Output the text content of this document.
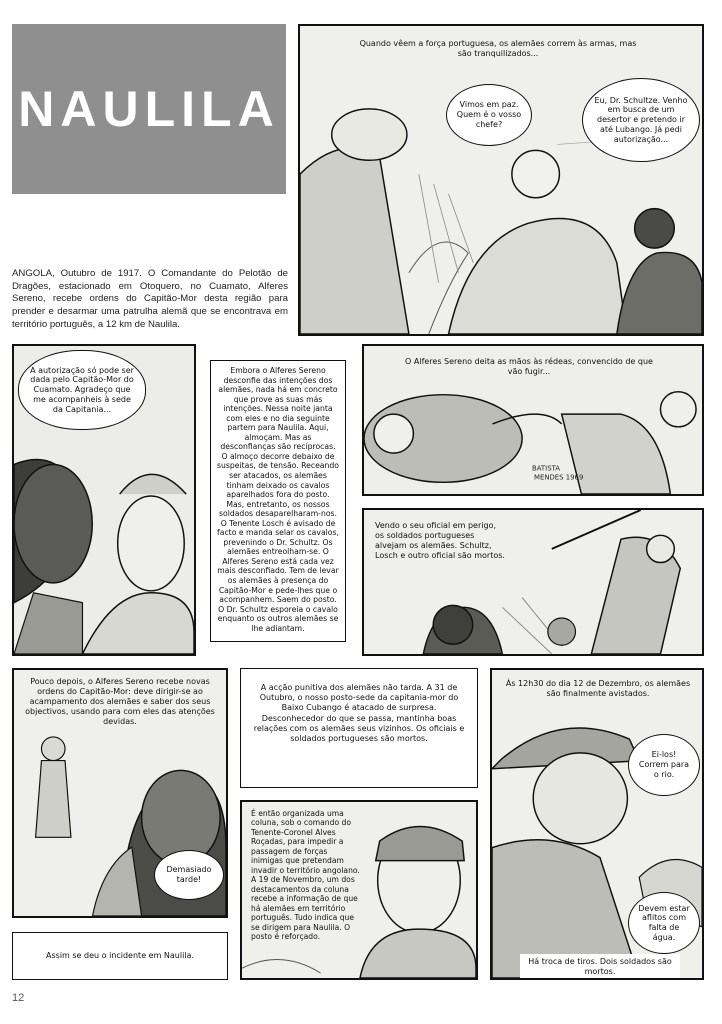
NAULILA
ANGOLA, Outubro de 1917. O Comandante do Pelotão de Dragões, estacionado em Otoquero, no Cuamato, Alferes Sereno, recebe ordens do Capitão-Mor desta região para prender e desarmar uma patrulha alemã que se encontrava em território português, a 12 km de Naulila.
Quando vêem a força portuguesa, os alemães correm às armas, mas são tranquilizados...
Vimos em paz. Quem é o vosso chefe?
Eu, Dr. Schultze. Venho em busca de um desertor e pretendo ir até Lubango. Já pedi autorização...
A autorização só pode ser dada pelo Capitão-Mor do Cuamato. Agradeço que me acompanheis à sede da Capitania...
Embora o Alferes Sereno desconfie das intenções dos alemães, nada há em concreto que prove as suas más intenções. Nessa noite janta com eles e no dia seguinte partem para Naulila. Aqui, almoçam. Mas as desconfianças são recíprocas. O almoço decorre debaixo de suspeitas, de tensão. Receando ser atacados, os alemães tinham deixado os cavalos aparelhados fora do posto. Mas, entretanto, os nossos soldados desaparelharam-nos. O Tenente Losch é avisado de facto e manda selar os cavalos, prevenindo o Dr. Schultz. Os alemães entreolham-se. O Alferes Sereno está cada vez mais desconfiado. Tem de levar os alemães à presença do Capitão-Mor e pede-lhes que o acompanhem. Saem do posto. O Dr. Schultz esporeia o cavalo enquanto os outros alemães se lhe adiantam.
BATISTA
MENDES 1969
O Alferes Sereno deita as mãos às rédeas, convencido de que vão fugir...
Vendo o seu oficial em perigo, os soldados portugueses alvejam os alemães. Schultz, Losch e outro oficial são mortos.
Pouco depois, o Alferes Sereno recebe novas ordens do Capitão-Mor: deve dirigir-se ao acampamento dos alemães e saber dos seus objectivos, usando para com eles das atenções devidas.
Demasiado tarde!
Assim se deu o incidente em Naulila.
A acção punitiva dos alemães não tarda. A 31 de Outubro, o nosso posto-sede da capitania-mor do Baixo Cubango é atacado de surpresa. Desconhecedor do que se passa, mantinha boas relações com os alemães seus vizinhos. Os oficiais e soldados portugueses são mortos.
É então organizada uma coluna, sob o comando do Tenente-Coronel Alves Roçadas, para impedir a passagem de forças inimigas que pretendam invadir o território angolano. A 19 de Novembro, um dos destacamentos da coluna recebe a informação de que há alemães em território português. Tudo indica que se dirigem para Naulila. O posto é reforçado.
Às 12h30 do dia 12 de Dezembro, os alemães são finalmente avistados.
Ei-los! Correm para o rio.
Devem estar aflitos com falta de água.
Há troca de tiros. Dois soldados são mortos.
12
